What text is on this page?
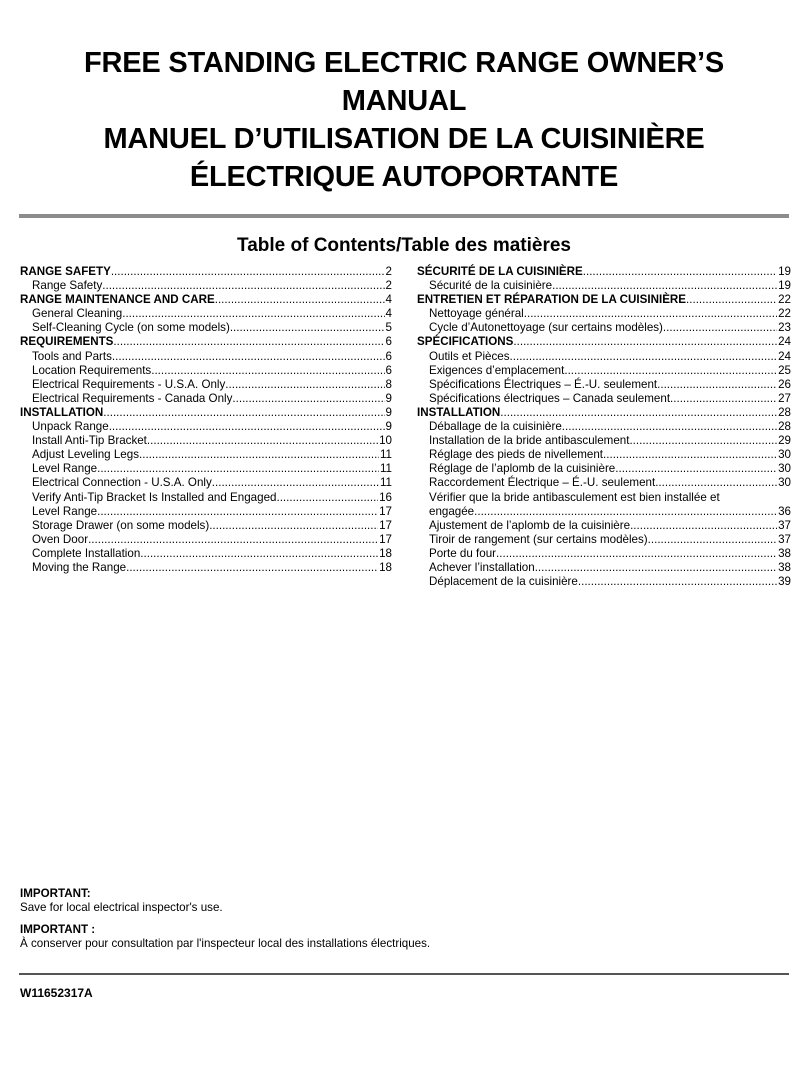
FREE STANDING ELECTRIC RANGE OWNER’S
MANUAL
MANUEL D’UTILISATION DE LA CUISINIÈRE
ÉLECTRIQUE AUTOPORTANTE
Table of Contents/Table des matières
RANGE SAFETY .....	2
Range Safety .....	2
RANGE MAINTENANCE AND CARE .....	4
General Cleaning .....	4
Self-Cleaning Cycle (on some models) .....	5
REQUIREMENTS .....	6
Tools and Parts .....	6
Location Requirements .....	6
Electrical Requirements - U.S.A. Only .....	8
Electrical Requirements - Canada Only .....	9
INSTALLATION .....	9
Unpack Range .....	9
Install Anti-Tip Bracket .....	10
Adjust Leveling Legs .....	11
Level Range .....	11
Electrical Connection - U.S.A. Only .....	11
Verify Anti-Tip Bracket Is Installed and Engaged .....	16
Level Range .....	17
Storage Drawer (on some models) .....	17
Oven Door .....	17
Complete Installation .....	18
Moving the Range .....	18
SÉCURITÉ DE LA CUISINIÈRE .....	19
Sécurité de la cuisinière .....	19
ENTRETIEN ET RÉPARATION DE LA CUISINIÈRE .....	22
Nettoyage général .....	22
Cycle d’Autonettoyage (sur certains modèles) .....	23
SPÉCIFICATIONS .....	24
Outils et Pièces .....	24
Exigences d’emplacement .....	25
Spécifications Électriques – É.-U. seulement .....	26
Spécifications électriques – Canada seulement .....	27
INSTALLATION .....	28
Déballage de la cuisinière .....	28
Installation de la bride antibasculement .....	29
Réglage des pieds de nivellement .....	30
Réglage de l’aplomb de la cuisinière .....	30
Raccordement Électrique – É.-U. seulement .....	30
Vérifier que la bride antibasculement est bien installée et
engagée .....	36
Ajustement de l’aplomb de la cuisinière .....	37
Tiroir de rangement (sur certains modèles) .....	37
Porte du four .....	38
Achever l’installation .....	38
Déplacement de la cuisinière .....	39
IMPORTANT:
Save for local electrical inspector's use.
IMPORTANT :
À conserver pour consultation par l'inspecteur local des installations électriques.
W11652317A
